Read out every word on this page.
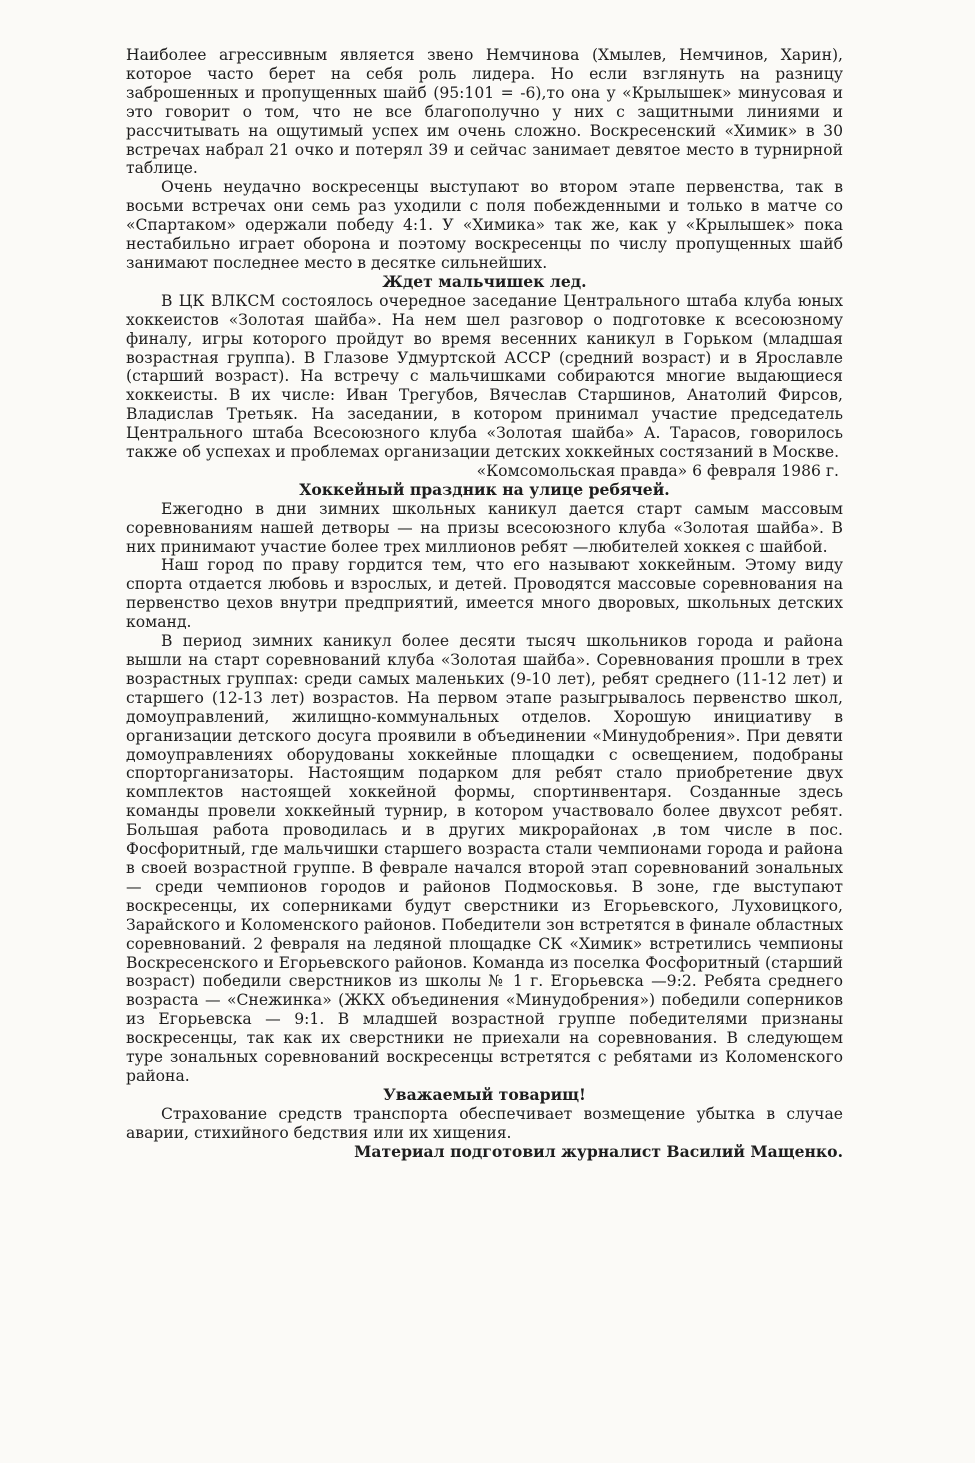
Наиболее агрессивным является звено Немчинова (Хмылев, Немчинов, Харин), которое часто берет на себя роль лидера. Но если взглянуть на разницу заброшенных и пропущенных шайб (95:101 = -6),то она у «Крылышек» минусовая и это говорит о том, что не все благополучно у них с защитными линиями и рассчитывать на ощутимый успех им очень сложно. Воскресенский «Химик» в 30 встречах набрал 21 очко и потерял 39 и сейчас занимает девятое место в турнирной таблице.

Очень неудачно воскресенцы выступают во втором этапе первенства, так в восьми встречах они семь раз уходили с поля побежденными и только в матче со «Спартаком» одержали победу 4:1. У «Химика» так же, как у «Крылышек» пока нестабильно играет оборона и поэтому воскресенцы по числу пропущенных шайб занимают последнее место в десятке сильнейших.

Ждет мальчишек лед.

В ЦК ВЛКСМ состоялось очередное заседание Центрального штаба клуба юных хоккеистов «Золотая шайба». На нем шел разговор о подготовке к всесоюзному финалу, игры которого пройдут во время весенних каникул в Горьком (младшая возрастная группа). В Глазове Удмуртской АССР (средний возраст) и в Ярославле (старший возраст). На встречу с мальчишками собираются многие выдающиеся хоккеисты. В их числе: Иван Трегубов, Вячеслав Старшинов, Анатолий Фирсов, Владислав Третьяк. На заседании, в котором принимал участие председатель Центрального штаба Всесоюзного клуба «Золотая шайба» А. Тарасов, говорилось также об успехах и проблемах организации детских хоккейных состязаний в Москве.

«Комсомольская правда» 6 февраля 1986 г.

Хоккейный праздник на улице ребячей.

Ежегодно в дни зимних школьных каникул дается старт самым массовым соревнованиям нашей детворы — на призы всесоюзного клуба «Золотая шайба». В них принимают участие более трех миллионов ребят —любителей хоккея с шайбой.

Наш город по праву гордится тем, что его называют хоккейным. Этому виду спорта отдается любовь и взрослых, и детей. Проводятся массовые соревнования на первенство цехов внутри предприятий, имеется много дворовых, школьных детских команд.

В период зимних каникул более десяти тысяч школьников города и района вышли на старт соревнований клуба «Золотая шайба». Соревнования прошли в трех возрастных группах: среди самых маленьких (9-10 лет), ребят среднего (11-12 лет) и старшего (12-13 лет) возрастов. На первом этапе разыгрывалось первенство школ, домоуправлений, жилищно-коммунальных отделов. Хорошую инициативу в организации детского досуга проявили в объединении «Минудобрения». При девяти домоуправлениях оборудованы хоккейные площадки с освещением, подобраны спорторганизаторы. Настоящим подарком для ребят стало приобретение двух комплектов настоящей хоккейной формы, спортинвентаря. Созданные здесь команды провели хоккейный турнир, в котором участвовало более двухсот ребят. Большая работа проводилась и в других микрорайонах ,в том числе в пос. Фосфоритный, где мальчишки старшего возраста стали чемпионами города и района в своей возрастной группе. В феврале начался второй этап соревнований зональных — среди чемпионов городов и районов Подмосковья. В зоне, где выступают воскресенцы, их соперниками будут сверстники из Егорьевского, Луховицкого, Зарайского и Коломенского районов. Победители зон встретятся в финале областных соревнований. 2 февраля на ледяной площадке СК «Химик» встретились чемпионы Воскресенского и Егорьевского районов. Команда из поселка Фосфоритный (старший возраст) победили сверстников из школы № 1 г. Егорьевска —9:2. Ребята среднего возраста — «Снежинка» (ЖКХ объединения «Минудобрения») победили соперников из Егорьевска — 9:1. В младшей возрастной группе победителями признаны воскресенцы, так как их сверстники не приехали на соревнования. В следующем туре зональных соревнований воскресенцы встретятся с ребятами из Коломенского района.

Уважаемый товарищ!

Страхование средств транспорта обеспечивает возмещение убытка в случае аварии, стихийного бедствия или их хищения.

Материал подготовил журналист Василий Мащенко.
